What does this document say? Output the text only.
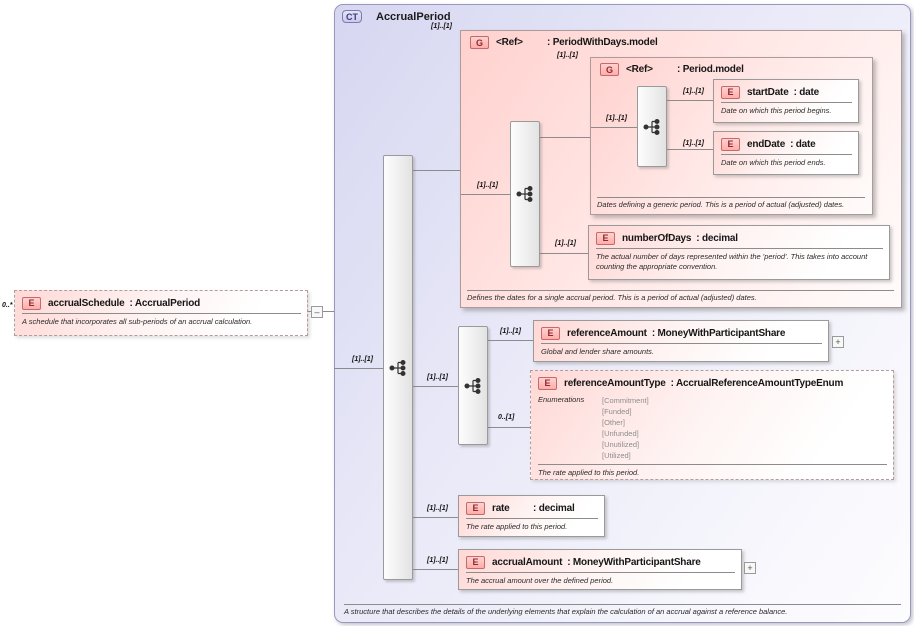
CT	AccrualPeriod
A structure that describes the details of the underlying elements that explain the calculation of an accrual against a reference balance.
G	<Ref>	: PeriodWithDays.model
Defines the dates for a single accrual period. This is a period of actual (adjusted) dates.
G	<Ref>	: Period.model
Dates defining a generic period. This is a period of actual (adjusted) dates.
E	accrualSchedule : AccrualPeriod
A schedule that incorporates all sub-periods of an accrual calculation.
–
E	startDate : date
Date on which this period begins.
E	endDate : date
Date on which this period ends.
E	numberOfDays : decimal
The actual number of days represented within the 'period'. This takes into account counting the appropriate convention.
E	referenceAmount : MoneyWithParticipantShare
Global and lender share amounts.
+
E	referenceAmountType : AccrualReferenceAmountTypeEnum
Enumerations	[Commitment]
[Funded]
[Other]
[Unfunded]
[Unutilized]
[Utilized]
The rate applied to this period.
E	rate	: decimal
The rate applied to this period.
E	accrualAmount : MoneyWithParticipantShare
The accrual amount over the defined period.
+
0..*
[1]..[1]
[1]..[1]
[1]..[1]
[1]..[1]
[1]..[1]
[1]..[1]
[1]..[1]
[1]..[1]
[1]..[1]
[1]..[1]
0..[1]
[1]..[1]
[1]..[1]
